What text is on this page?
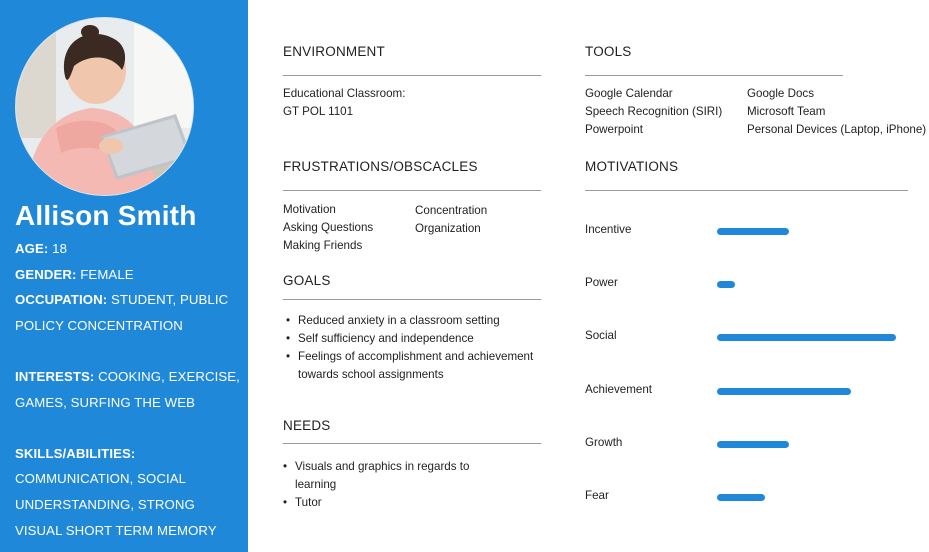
Allison Smith

AGE: 18

GENDER: FEMALE

OCCUPATION: STUDENT, PUBLIC

POLICY CONCENTRATION

INTERESTS: COOKING, EXERCISE,

GAMES, SURFING THE WEB

SKILLS/ABILITIES:

COMMUNICATION, SOCIAL

UNDERSTANDING, STRONG

VISUAL SHORT TERM MEMORY

ENVIRONMENT
Educational Classroom:
GT POL 1101
TOOLS
Google Calendar
Speech Recognition (SIRI)
Powerpoint
Google Docs
Microsoft Team
Personal Devices (Laptop, iPhone)
FRUSTRATIONS/OBSCACLES
Motivation
Asking Questions
Making Friends
Concentration
Organization
GOALS
• Reduced anxiety in a classroom setting
• Self sufficiency and independence
• Feelings of accomplishment and achievement towards school assignments
NEEDS
• Visuals and graphics in regards to learning
• Tutor
MOTIVATIONS
Incentive
Power
Social
Achievement
Growth
Fear
